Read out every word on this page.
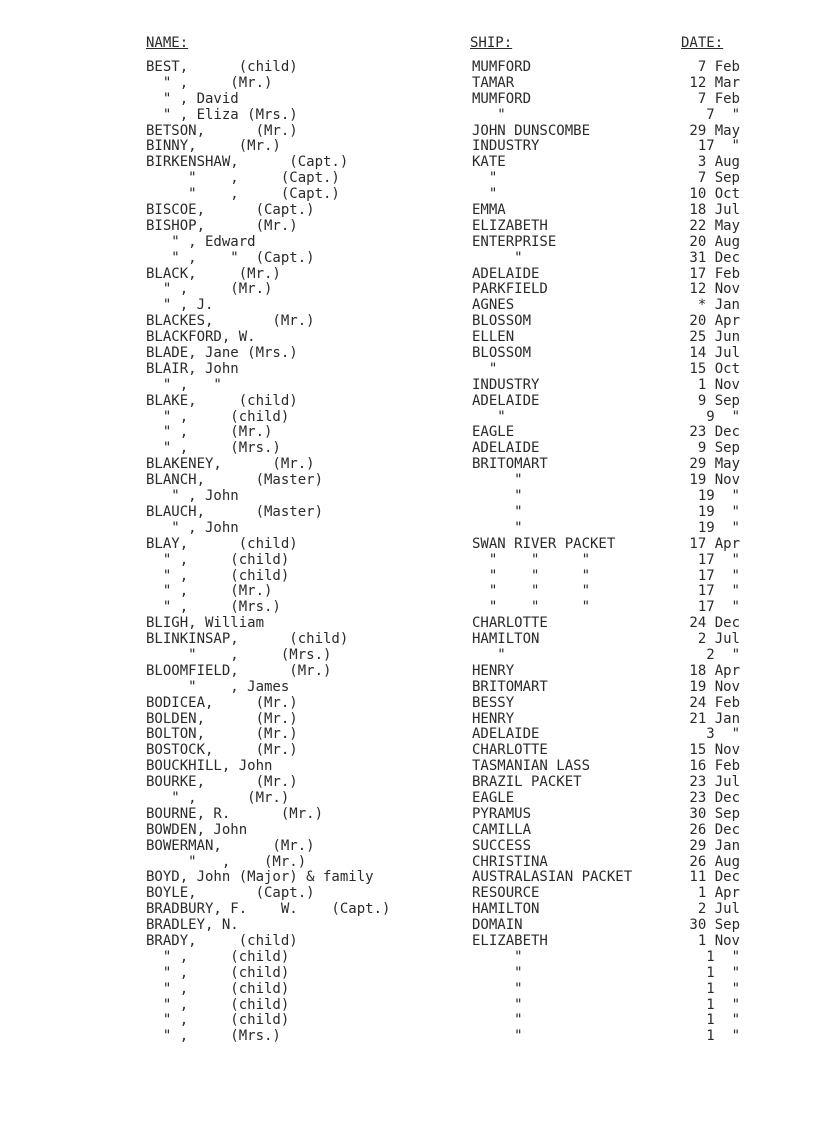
NAME:	SHIP:	DATE:
BEST,      (child)	MUMFORD	7 Feb
" ,     (Mr.)	TAMAR	12 Mar
" , David	MUMFORD	7 Feb
" , Eliza (Mrs.)	"	7  "
BETSON,      (Mr.)	JOHN DUNSCOMBE	29 May
BINNY,     (Mr.)	INDUSTRY	17  "
BIRKENSHAW,      (Capt.)	KATE	3 Aug
"    ,     (Capt.)	"	7 Sep
"    ,     (Capt.)	"	10 Oct
BISCOE,      (Capt.)	EMMA	18 Jul
BISHOP,      (Mr.)	ELIZABETH	22 May
" , Edward	ENTERPRISE	20 Aug
" ,    "  (Capt.)	"	31 Dec
BLACK,     (Mr.)	ADELAIDE	17 Feb
" ,     (Mr.)	PARKFIELD	12 Nov
" , J.	AGNES	* Jan
BLACKES,       (Mr.)	BLOSSOM	20 Apr
BLACKFORD, W.	ELLEN	25 Jun
BLADE, Jane (Mrs.)	BLOSSOM	14 Jul
BLAIR, John	"	15 Oct
" ,   "	INDUSTRY	1 Nov
BLAKE,     (child)	ADELAIDE	9 Sep
" ,     (child)	"	9  "
" ,     (Mr.)	EAGLE	23 Dec
" ,     (Mrs.)	ADELAIDE	9 Sep
BLAKENEY,      (Mr.)	BRITOMART	29 May
BLANCH,      (Master)	"	19 Nov
" , John	"	19  "
BLAUCH,      (Master)	"	19  "
" , John	"	19  "
BLAY,      (child)	SWAN RIVER PACKET	17 Apr
" ,     (child)	"    "     "	17  "
" ,     (child)	"    "     "	17  "
" ,     (Mr.)	"    "     "	17  "
" ,     (Mrs.)	"    "     "	17  "
BLIGH, William	CHARLOTTE	24 Dec
BLINKINSAP,      (child)	HAMILTON	2 Jul
"    ,     (Mrs.)	"	2  "
BLOOMFIELD,      (Mr.)	HENRY	18 Apr
"    , James	BRITOMART	19 Nov
BODICEA,     (Mr.)	BESSY	24 Feb
BOLDEN,      (Mr.)	HENRY	21 Jan
BOLTON,      (Mr.)	ADELAIDE	3  "
BOSTOCK,     (Mr.)	CHARLOTTE	15 Nov
BOUCKHILL, John	TASMANIAN LASS	16 Feb
BOURKE,      (Mr.)	BRAZIL PACKET	23 Jul
" ,      (Mr.)	EAGLE	23 Dec
BOURNE, R.      (Mr.)	PYRAMUS	30 Sep
BOWDEN, John	CAMILLA	26 Dec
BOWERMAN,      (Mr.)	SUCCESS	29 Jan
"   ,    (Mr.)	CHRISTINA	26 Aug
BOYD, John (Major) & family	AUSTRALASIAN PACKET	11 Dec
BOYLE,       (Capt.)	RESOURCE	1 Apr
BRADBURY, F.    W.    (Capt.)	HAMILTON	2 Jul
BRADLEY, N.	DOMAIN	30 Sep
BRADY,     (child)	ELIZABETH	1 Nov
" ,     (child)	"	1  "
" ,     (child)	"	1  "
" ,     (child)	"	1  "
" ,     (child)	"	1  "
" ,     (child)	"	1  "
" ,     (Mrs.)	"	1  "
